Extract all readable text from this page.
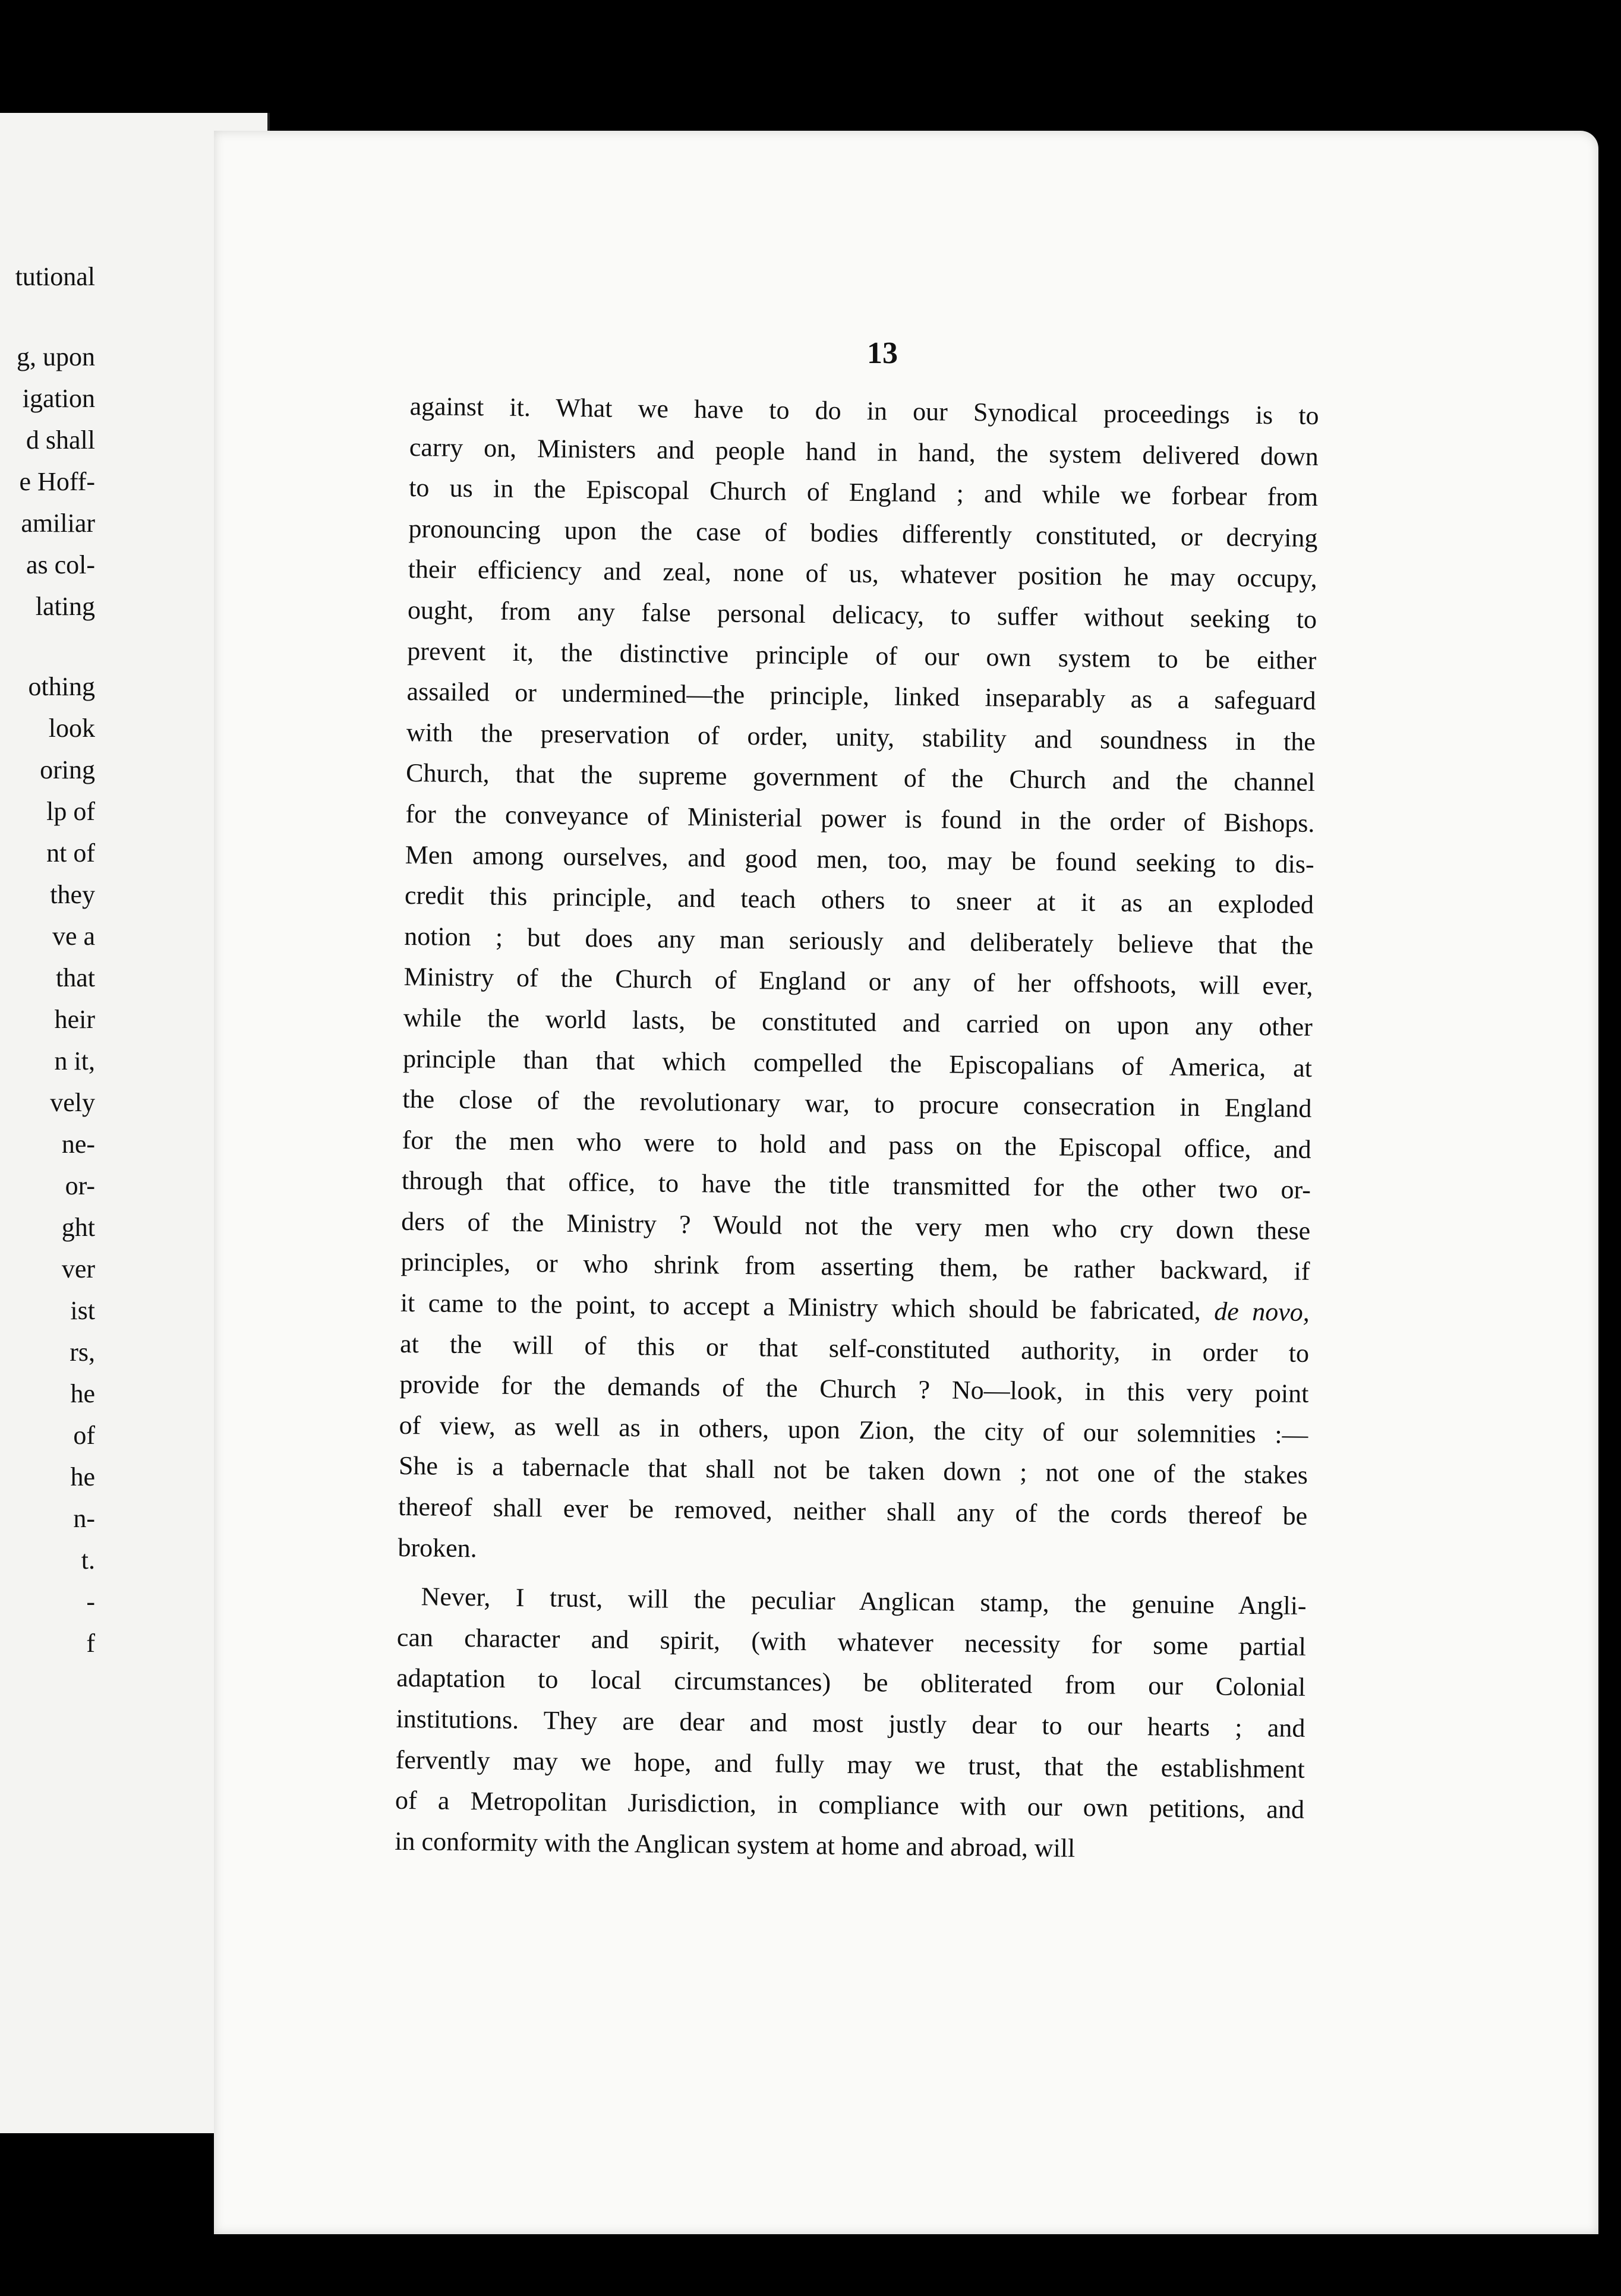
tutional
g, upon
igation
d shall
e Hoff-
amiliar
as col-
lating
othing
look
oring
lp of
nt of
they
ve a
that
heir
n it,
vely
ne-
or-
ght
ver
ist
rs,
he
of
he
n-
t.
-
f
13
against it. What we have to do in our Synodical proceedings is to
carry on, Ministers and people hand in hand, the system delivered down
to us in the Episcopal Church of England ; and while we forbear from
pronouncing upon the case of bodies differently constituted, or decrying
their efficiency and zeal, none of us, whatever position he may occupy,
ought, from any false personal delicacy, to suffer without seeking to
prevent it, the distinctive principle of our own system to be either
assailed or undermined—the principle, linked inseparably as a safeguard
with the preservation of order, unity, stability and soundness in the
Church, that the supreme government of the Church and the channel
for the conveyance of Ministerial power is found in the order of Bishops.
Men among ourselves, and good men, too, may be found seeking to dis-
credit this principle, and teach others to sneer at it as an exploded
notion ; but does any man seriously and deliberately believe that the
Ministry of the Church of England or any of her offshoots, will ever,
while the world lasts, be constituted and carried on upon any other
principle than that which compelled the Episcopalians of America, at
the close of the revolutionary war, to procure consecration in England
for the men who were to hold and pass on the Episcopal office, and
through that office, to have the title transmitted for the other two or-
ders of the Ministry ? Would not the very men who cry down these
principles, or who shrink from asserting them, be rather backward, if
it came to the point, to accept a Ministry which should be fabricated, de novo,
at the will of this or that self-constituted authority, in order to
provide for the demands of the Church ? No—look, in this very point
of view, as well as in others, upon Zion, the city of our solemnities :—
She is a tabernacle that shall not be taken down ; not one of the stakes
thereof shall ever be removed, neither shall any of the cords thereof be
broken.
Never, I trust, will the peculiar Anglican stamp, the genuine Angli-
can character and spirit, (with whatever necessity for some partial
adaptation to local circumstances) be obliterated from our Colonial
institutions. They are dear and most justly dear to our hearts ; and
fervently may we hope, and fully may we trust, that the establishment
of a Metropolitan Jurisdiction, in compliance with our own petitions, and
in conformity with the Anglican system at home and abroad, will
